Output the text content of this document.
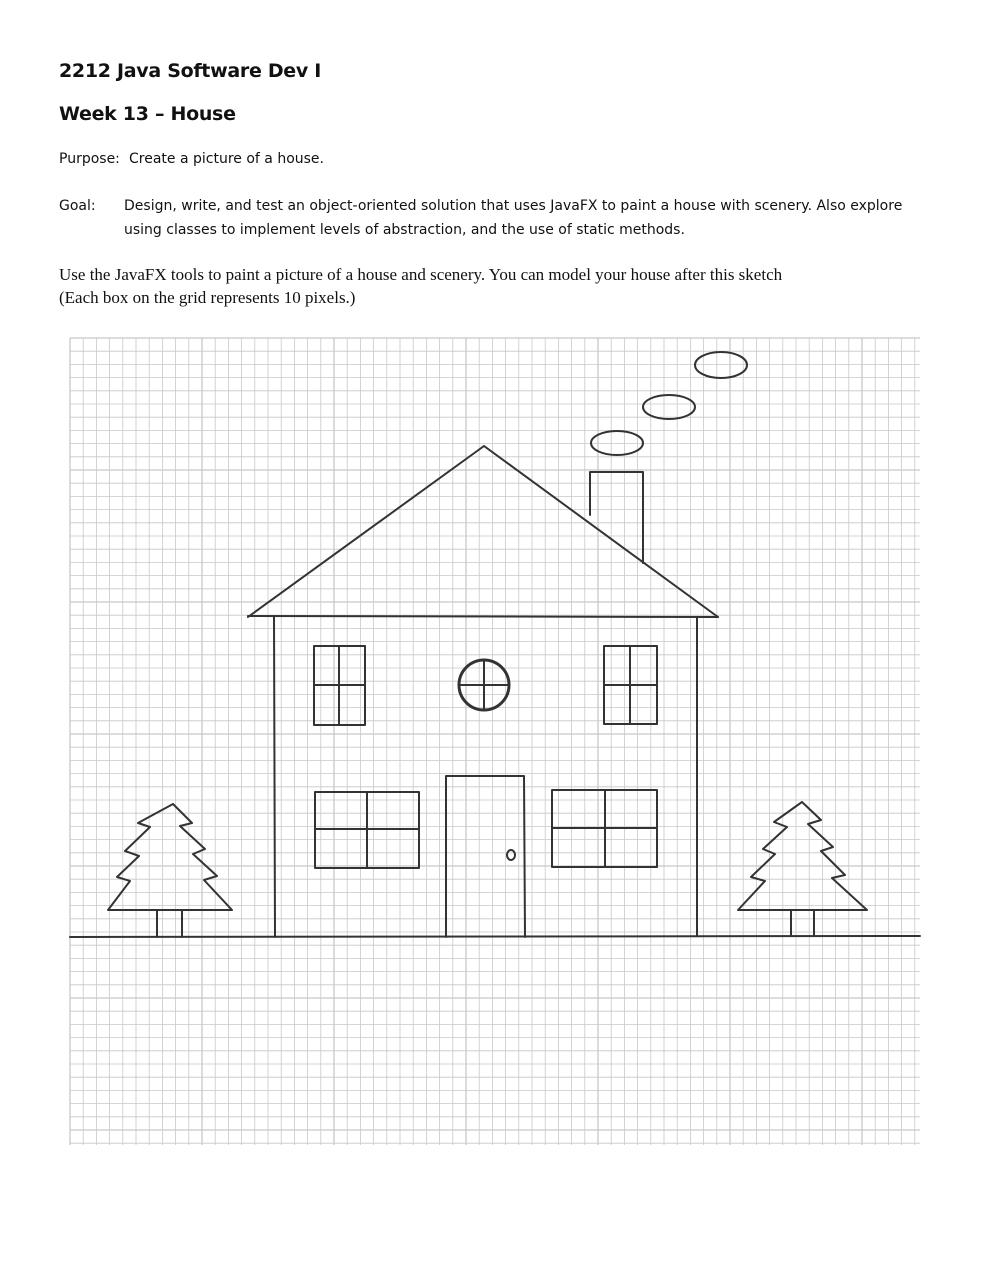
2212 Java Software Dev I
Week 13 – House
Purpose: Create a picture of a house.
Goal: Design, write, and test an object-oriented solution that uses JavaFX to paint a house with scenery. Also explore using classes to implement levels of abstraction, and the use of static methods.
Use the JavaFX tools to paint a picture of a house and scenery. You can model your house after this sketch
(Each box on the grid represents 10 pixels.)
